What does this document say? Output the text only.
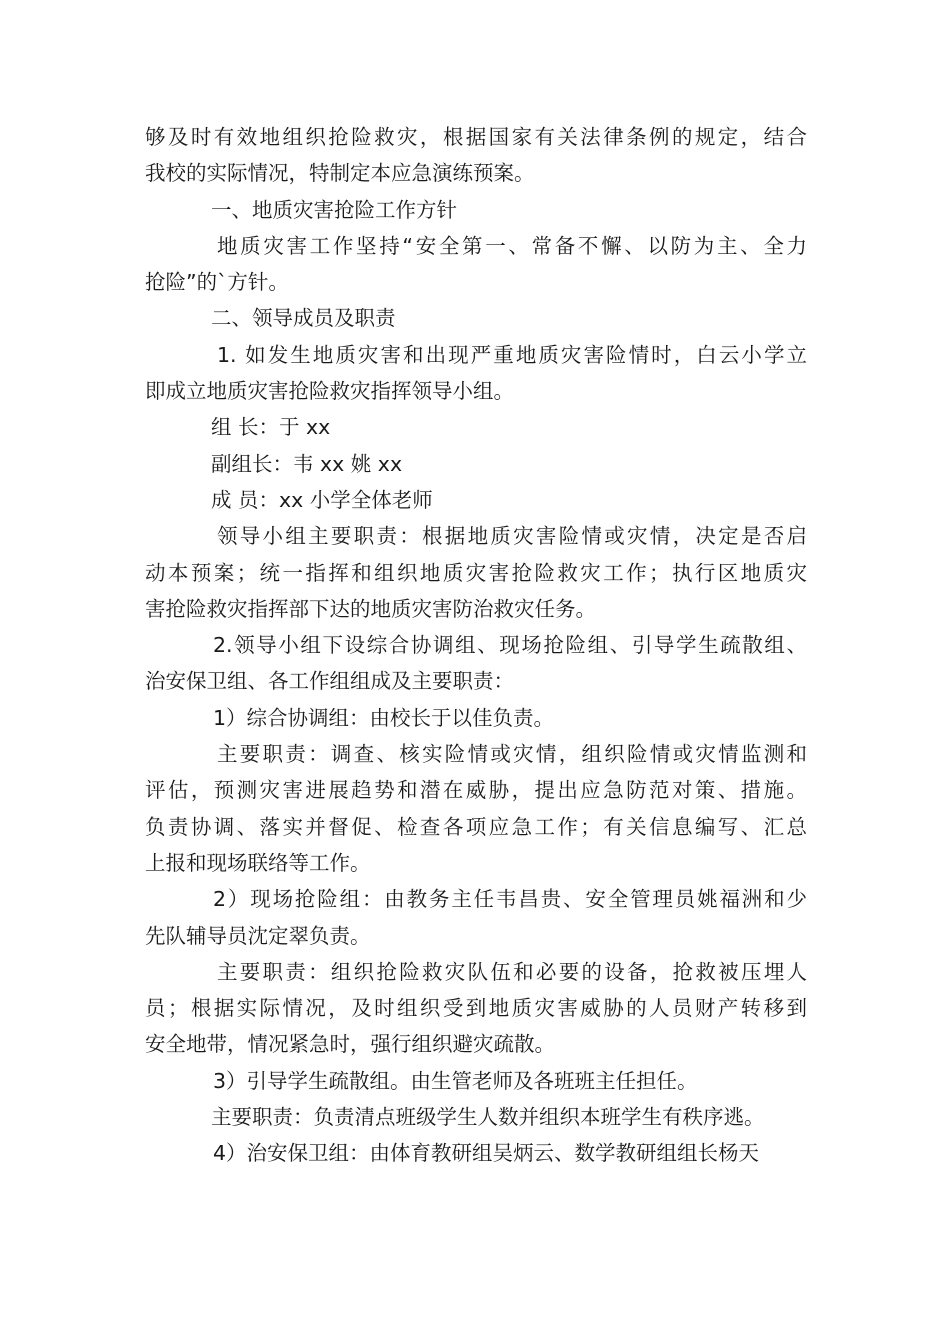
够及时有效地组织抢险救灾，根据国家有关法律条例的规定，结合
我校的实际情况，特制定本应急演练预案。
一、地质灾害抢险工作方针
地质灾害工作坚持“安全第一、常备不懈、以防为主、全力
抢险”的`方针。
二、领导成员及职责
1. 如发生地质灾害和出现严重地质灾害险情时，白云小学立
即成立地质灾害抢险救灾指挥领导小组。
组 长：于 xx
副组长：韦 xx 姚 xx
成 员：xx 小学全体老师
领导小组主要职责：根据地质灾害险情或灾情，决定是否启
动本预案；统一指挥和组织地质灾害抢险救灾工作；执行区地质灾
害抢险救灾指挥部下达的地质灾害防治救灾任务。
2.领导小组下设综合协调组、现场抢险组、引导学生疏散组、
治安保卫组、各工作组组成及主要职责：
1）综合协调组：由校长于以佳负责。
主要职责：调查、核实险情或灾情，组织险情或灾情监测和
评估，预测灾害进展趋势和潜在威胁，提出应急防范对策、措施。
负责协调、落实并督促、检查各项应急工作；有关信息编写、汇总
上报和现场联络等工作。
2）现场抢险组：由教务主任韦昌贵、安全管理员姚福洲和少
先队辅导员沈定翠负责。
主要职责：组织抢险救灾队伍和必要的设备，抢救被压埋人
员；根据实际情况，及时组织受到地质灾害威胁的人员财产转移到
安全地带，情况紧急时，强行组织避灾疏散。
3）引导学生疏散组。由生管老师及各班班主任担任。
主要职责：负责清点班级学生人数并组织本班学生有秩序逃。
4）治安保卫组：由体育教研组吴炳云、数学教研组组长杨天
